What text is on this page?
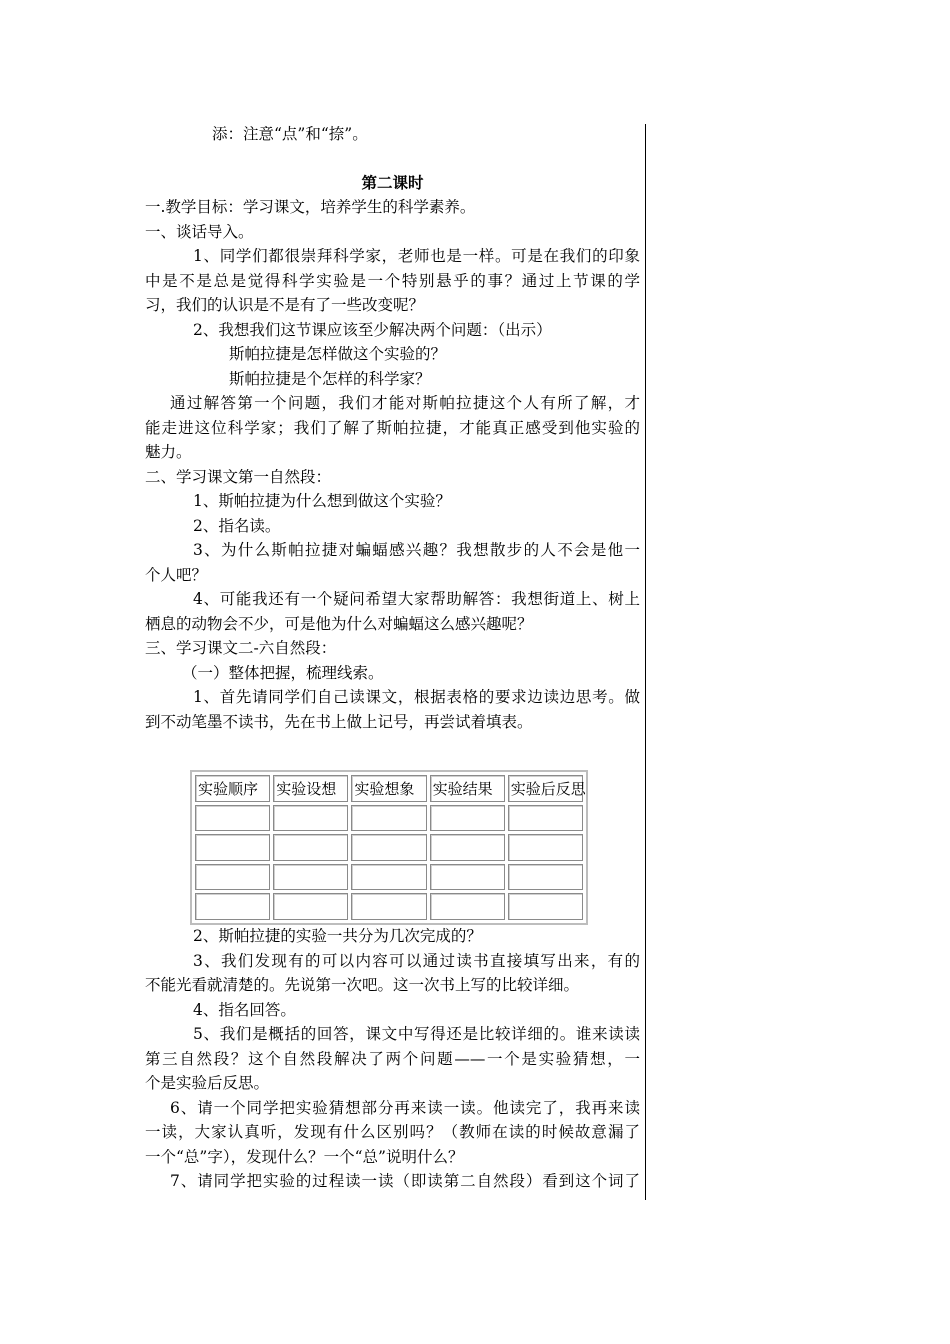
添：注意“点”和“捺”。
第二课时
一.教学目标：学习课文，培养学生的科学素养。
一、谈话导入。
1、同学们都很崇拜科学家，老师也是一样。可是在我们的印象
中是不是总是觉得科学实验是一个特别悬乎的事？通过上节课的学
习，我们的认识是不是有了一些改变呢？
2、我想我们这节课应该至少解决两个问题：（出示）
斯帕拉捷是怎样做这个实验的？
斯帕拉捷是个怎样的科学家？
通过解答第一个问题，我们才能对斯帕拉捷这个人有所了解，才
能走进这位科学家；我们了解了斯帕拉捷，才能真正感受到他实验的
魅力。
二、学习课文第一自然段：
1、斯帕拉捷为什么想到做这个实验？
2、指名读。
3、为什么斯帕拉捷对蝙蝠感兴趣？我想散步的人不会是他一
个人吧？
4、可能我还有一个疑问希望大家帮助解答：我想街道上、树上
栖息的动物会不少，可是他为什么对蝙蝠这么感兴趣呢？
三、学习课文二-六自然段：
（一）整体把握，梳理线索。
1、首先请同学们自己读课文，根据表格的要求边读边思考。做
到不动笔墨不读书，先在书上做上记号，再尝试着填表。
实验顺序	实验设想	实验想象	实验结果	实验后反思

2、斯帕拉捷的实验一共分为几次完成的？
3、我们发现有的可以内容可以通过读书直接填写出来，有的
不能光看就清楚的。先说第一次吧。这一次书上写的比较详细。
4、指名回答。
5、我们是概括的回答，课文中写得还是比较详细的。谁来读读
第三自然段？这个自然段解决了两个问题——一个是实验猜想，一
个是实验后反思。
6、请一个同学把实验猜想部分再来读一读。他读完了，我再来读
一读，大家认真听，发现有什么区别吗？（教师在读的时候故意漏了
一个“总”字），发现什么？一个“总”说明什么？
7、请同学把实验的过程读一读（即读第二自然段）看到这个词了
